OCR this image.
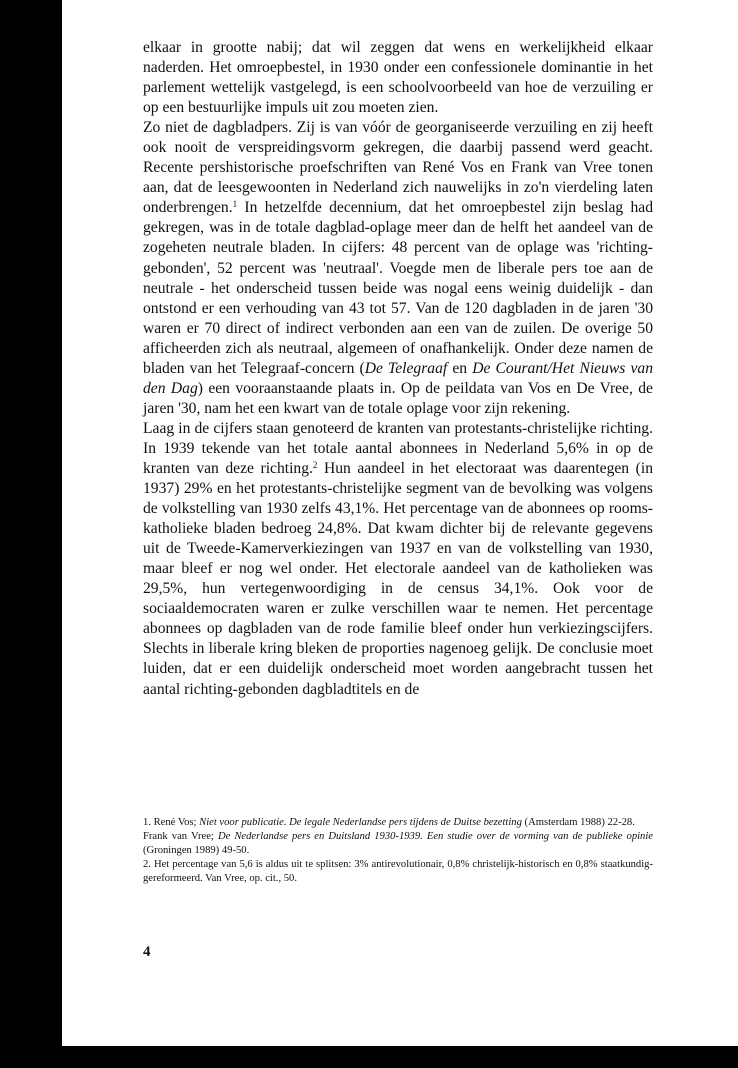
elkaar in grootte nabij; dat wil zeggen dat wens en werkelijkheid elkaar naderden. Het omroepbestel, in 1930 onder een confessionele dominantie in het parlement wettelijk vastgelegd, is een schoolvoorbeeld van hoe de verzuiling er op een bestuurlijke impuls uit zou moeten zien.

Zo niet de dagbladpers. Zij is van vóór de georganiseerde verzuiling en zij heeft ook nooit de verspreidingsvorm gekregen, die daarbij passend werd geacht. Recente pershistorische proefschriften van René Vos en Frank van Vree tonen aan, dat de leesgewoonten in Nederland zich nauwelijks in zo'n vierdeling laten onderbrengen.$^1$ In hetzelfde decennium, dat het omroepbestel zijn beslag had gekregen, was in de totale dagblad-oplage meer dan de helft het aandeel van de zogeheten neutrale bladen. In cijfers: 48 percent van de oplage was 'richting-gebonden', 52 percent was 'neutraal'. Voegde men de liberale pers toe aan de neutrale - het onderscheid tussen beide was nogal eens weinig duidelijk - dan ontstond er een verhouding van 43 tot 57. Van de 120 dagbladen in de jaren '30 waren er 70 direct of indirect verbonden aan een van de zuilen. De overige 50 afficheerden zich als neutraal, algemeen of onafhankelijk. Onder deze namen de bladen van het Telegraaf-concern (De Telegraaf en De Courant/Het Nieuws van den Dag) een vooraanstaande plaats in. Op de peildata van Vos en De Vree, de jaren '30, nam het een kwart van de totale oplage voor zijn rekening.

Laag in de cijfers staan genoteerd de kranten van protestants-christelijke richting. In 1939 tekende van het totale aantal abonnees in Nederland 5,6% in op de kranten van deze richting.$^2$ Hun aandeel in het electoraat was daarentegen (in 1937) 29% en het protestants-christelijke segment van de bevolking was volgens de volkstelling van 1930 zelfs 43,1%. Het percentage van de abonnees op rooms-katholieke bladen bedroeg 24,8%. Dat kwam dichter bij de relevante gegevens uit de Tweede-Kamerverkiezingen van 1937 en van de volkstelling van 1930, maar bleef er nog wel onder. Het electorale aandeel van de katholieken was 29,5%, hun vertegenwoordiging in de census 34,1%. Ook voor de sociaaldemocraten waren er zulke verschillen waar te nemen. Het percentage abonnees op dagbladen van de rode familie bleef onder hun verkiezingscijfers. Slechts in liberale kring bleken de proporties nagenoeg gelijk. De conclusie moet luiden, dat er een duidelijk onderscheid moet worden aangebracht tussen het aantal richting-gebonden dagbladtitels en de

1. René Vos; Niet voor publicatie. De legale Nederlandse pers tijdens de Duitse bezetting (Amsterdam 1988) 22-28.

Frank van Vree; De Nederlandse pers en Duitsland 1930-1939. Een studie over de vorming van de publieke opinie (Groningen 1989) 49-50.

2. Het percentage van 5,6 is aldus uit te splitsen: 3% antirevolutionair, 0,8% christelijk-historisch en 0,8% staatkundig-gereformeerd. Van Vree, op. cit., 50.

4
